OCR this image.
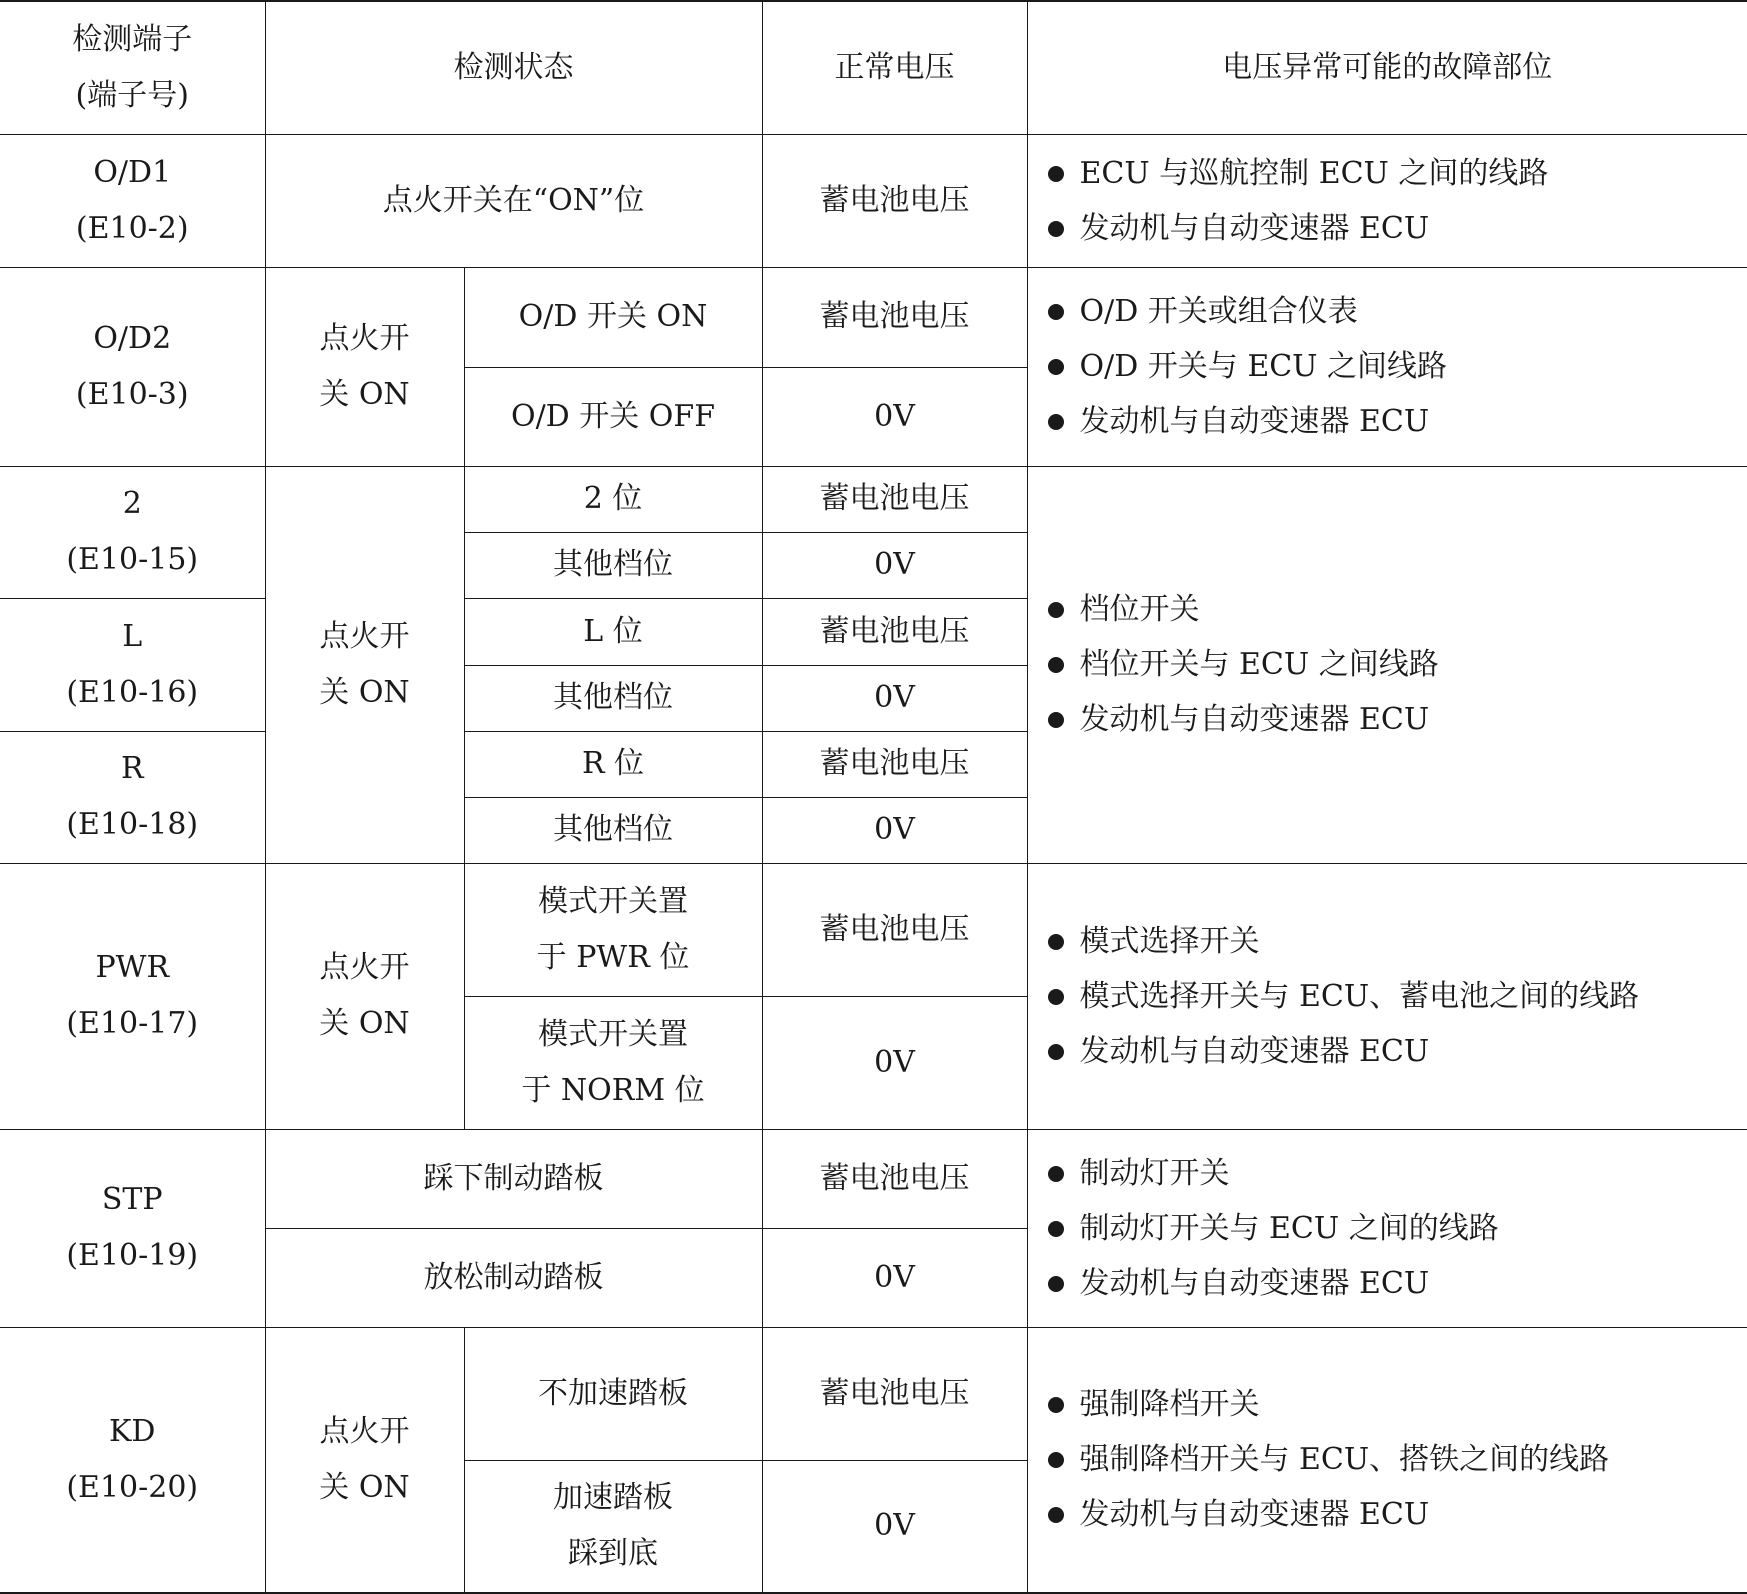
检测端子
(端子号)	检测状态		正常电压	电压异常可能的故障部位

O/D1
(E10-2)	点火开关在“ON”位		蓄电池电压	ECU 与巡航控制 ECU 之间的线路
发动机与自动变速器 ECU

O/D2
(E10-3)	点火开
关 ON	O/D 开关 ON	蓄电池电压	O/D 开关或组合仪表
O/D 开关与 ECU 之间线路
发动机与自动变速器 ECU

		O/D 开关 OFF	0V	

2
(E10-15)	点火开
关 ON	2 位	蓄电池电压	档位开关
档位开关与 ECU 之间线路
发动机与自动变速器 ECU

		其他档位	0V	

L
(E10-16)		L 位	蓄电池电压	
		其他档位	0V	

R
(E10-18)		R 位	蓄电池电压	
		其他档位	0V	

PWR
(E10-17)	点火开
关 ON	模式开关置
于 PWR 位	蓄电池电压	模式选择开关
模式选择开关与 ECU、蓄电池之间的线路
发动机与自动变速器 ECU

		模式开关置
于 NORM 位	0V	

STP
(E10-19)	踩下制动踏板		蓄电池电压	制动灯开关
制动灯开关与 ECU 之间的线路
发动机与自动变速器 ECU

	放松制动踏板		0V	

KD
(E10-20)	点火开
关 ON	不加速踏板	蓄电池电压	强制降档开关
强制降档开关与 ECU、搭铁之间的线路
发动机与自动变速器 ECU

		加速踏板
踩到底	0V	
